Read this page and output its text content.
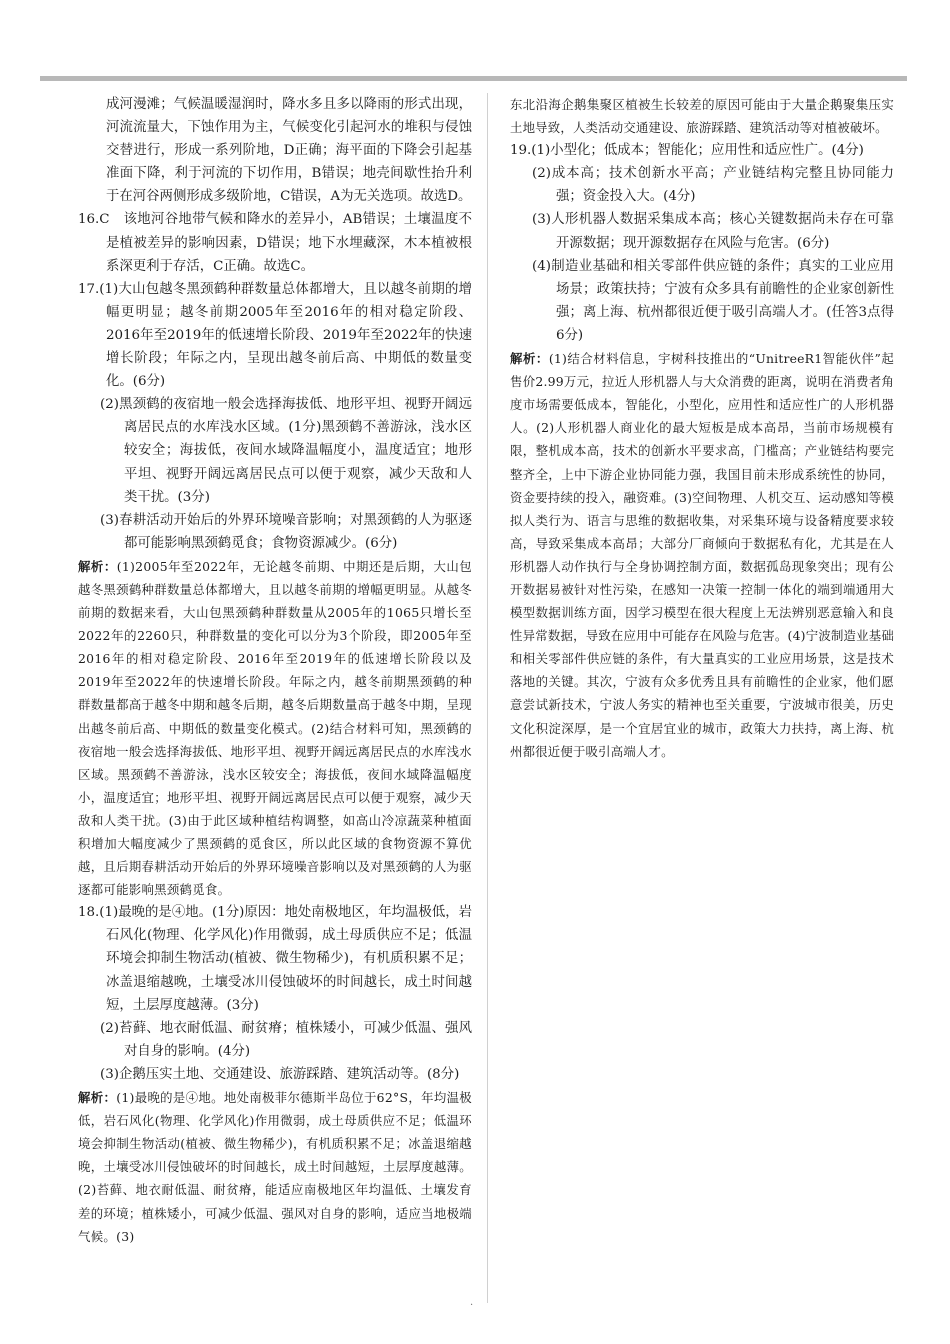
成河漫滩；气候温暖湿润时，降水多且多以降雨的形式出现，河流流量大，下蚀作用为主，气候变化引起河水的堆积与侵蚀交替进行，形成一系列阶地，D正确；海平面的下降会引起基准面下降，利于河流的下切作用，B错误；地壳间歇性抬升利于在河谷两侧形成多级阶地，C错误，A为无关选项。故选D。

16.C　 该地河谷地带气候和降水的差异小，AB错误；土壤温度不是植被差异的影响因素，D错误；地下水埋藏深，木本植被根系深更利于存活，C正确。故选C。

17.(1)大山包越冬黑颈鹤种群数量总体都增大，且以越冬前期的增幅更明显；越冬前期2005年至2016年的相对稳定阶段、2016年至2019年的低速增长阶段、2019年至2022年的快速增长阶段；年际之内，呈现出越冬前后高、中期低的数量变化。(6分)

(2)黑颈鹤的夜宿地一般会选择海拔低、地形平坦、视野开阔远离居民点的水库浅水区域。(1分)黑颈鹤不善游泳，浅水区较安全；海拔低，夜间水域降温幅度小，温度适宜；地形平坦、视野开阔远离居民点可以便于观察，减少天敌和人类干扰。(3分)

(3)春耕活动开始后的外界环境噪音影响；对黑颈鹤的人为驱逐都可能影响黑颈鹤觅食；食物资源减少。(6分)

解析：(1)2005年至2022年，无论越冬前期、中期还是后期，大山包越冬黑颈鹤种群数量总体都增大，且以越冬前期的增幅更明显。从越冬前期的数据来看，大山包黑颈鹤种群数量从2005年的1065只增长至2022年的2260只，种群数量的变化可以分为3个阶段，即2005年至2016年的相对稳定阶段、2016年至2019年的低速增长阶段以及2019年至2022年的快速增长阶段。年际之内，越冬前期黑颈鹤的种群数量都高于越冬中期和越冬后期，越冬后期数量高于越冬中期，呈现出越冬前后高、中期低的数量变化模式。(2)结合材料可知，黑颈鹤的夜宿地一般会选择海拔低、地形平坦、视野开阔远离居民点的水库浅水区域。黑颈鹤不善游泳，浅水区较安全；海拔低，夜间水域降温幅度小，温度适宜；地形平坦、视野开阔远离居民点可以便于观察，减少天敌和人类干扰。(3)由于此区域种植结构调整，如高山冷凉蔬菜种植面积增加大幅度减少了黑颈鹤的觅食区，所以此区域的食物资源不算优越，且后期春耕活动开始后的外界环境噪音影响以及对黑颈鹤的人为驱逐都可能影响黑颈鹤觅食。

18.(1)最晚的是④地。(1分)原因：地处南极地区，年均温极低，岩石风化(物理、化学风化)作用微弱，成土母质供应不足；低温环境会抑制生物活动(植被、微生物稀少)，有机质积累不足；冰盖退缩越晚，土壤受冰川侵蚀破坏的时间越长，成土时间越短，土层厚度越薄。(3分)

(2)苔藓、地衣耐低温、耐贫瘠；植株矮小，可减少低温、强风对自身的影响。(4分)

(3)企鹅压实土地、交通建设、旅游踩踏、建筑活动等。(8分)

解析：(1)最晚的是④地。地处南极菲尔德斯半岛位于62°S，年均温极低，岩石风化(物理、化学风化)作用微弱，成土母质供应不足；低温环境会抑制生物活动(植被、微生物稀少)，有机质积累不足；冰盖退缩越晚，土壤受冰川侵蚀破坏的时间越长，成土时间越短，土层厚度越薄。(2)苔藓、地衣耐低温、耐贫瘠，能适应南极地区年均温低、土壤发育差的环境；植株矮小，可减少低温、强风对自身的影响，适应当地极端气候。(3)

东北沿海企鹅集聚区植被生长较差的原因可能由于大量企鹅聚集压实土地导致，人类活动交通建设、旅游踩踏、建筑活动等对植被破坏。

19.(1)小型化；低成本；智能化；应用性和适应性广。(4分)

(2)成本高；技术创新水平高；产业链结构完整且协同能力强；资金投入大。(4分)

(3)人形机器人数据采集成本高；核心关键数据尚未存在可靠开源数据；现开源数据存在风险与危害。(6分)

(4)制造业基础和相关零部件供应链的条件；真实的工业应用场景；政策扶持；宁波有众多具有前瞻性的企业家创新性强；离上海、杭州都很近便于吸引高端人才。(任答3点得6分)

解析：(1)结合材料信息，宇树科技推出的“UnitreeR1智能伙伴”起售价2.99万元，拉近人形机器人与大众消费的距离，说明在消费者角度市场需要低成本，智能化，小型化，应用性和适应性广的人形机器人。(2)人形机器人商业化的最大短板是成本高昂，当前市场规模有限，整机成本高，技术的创新水平要求高，门槛高；产业链结构要完整齐全，上中下游企业协同能力强，我国目前未形成系统性的协同，资金要持续的投入，融资难。(3)空间物理、人机交互、运动感知等模拟人类行为、语言与思维的数据收集，对采集环境与设备精度要求较高，导致采集成本高昂；大部分厂商倾向于数据私有化，尤其是在人形机器人动作执行与全身协调控制方面，数据孤岛现象突出；现有公开数据易被针对性污染，在感知一决策一控制一体化的端到端通用大模型数据训练方面，因学习模型在很大程度上无法辨别恶意输入和良性异常数据，导致在应用中可能存在风险与危害。(4)宁波制造业基础和相关零部件供应链的条件，有大量真实的工业应用场景，这是技术落地的关键。其次，宁波有众多优秀且具有前瞻性的企业家，他们愿意尝试新技术，宁波人务实的精神也至关重要，宁波城市很美，历史文化积淀深厚，是一个宜居宜业的城市，政策大力扶持，离上海、杭州都很近便于吸引高端人才。

·
